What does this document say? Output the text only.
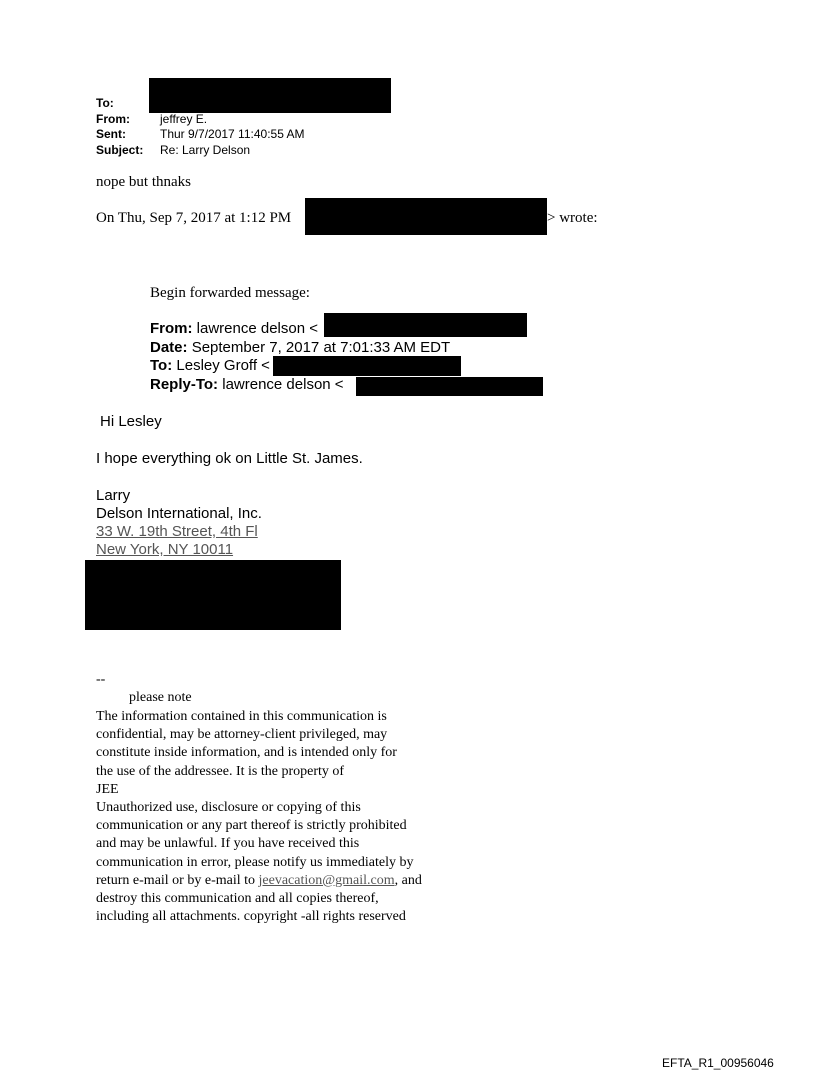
To:
From:	jeffrey E.
Sent:	Thur 9/7/2017 11:40:55 AM
Subject: Re: Larry Delson
nope but thnaks
On Thu, Sep 7, 2017 at 1:12 PM	> wrote:
Begin forwarded message:
From: lawrence delson <
Date: September 7, 2017 at 7:01:33 AM EDT
To: Lesley Groff <
Reply-To: lawrence delson <
Hi Lesley
I hope everything ok on Little St. James.
Larry
Delson International, Inc.
33 W. 19th Street, 4th Fl
New York, NY 10011
--
please note
The information contained in this communication is
confidential, may be attorney-client privileged, may
constitute inside information, and is intended only for
the use of the addressee. It is the property of
JEE
Unauthorized use, disclosure or copying of this
communication or any part thereof is strictly prohibited
and may be unlawful. If you have received this
communication in error, please notify us immediately by
return e-mail or by e-mail to jeevacation@gmail.com, and
destroy this communication and all copies thereof,
including all attachments. copyright -all rights reserved
EFTA_R1_00956046
